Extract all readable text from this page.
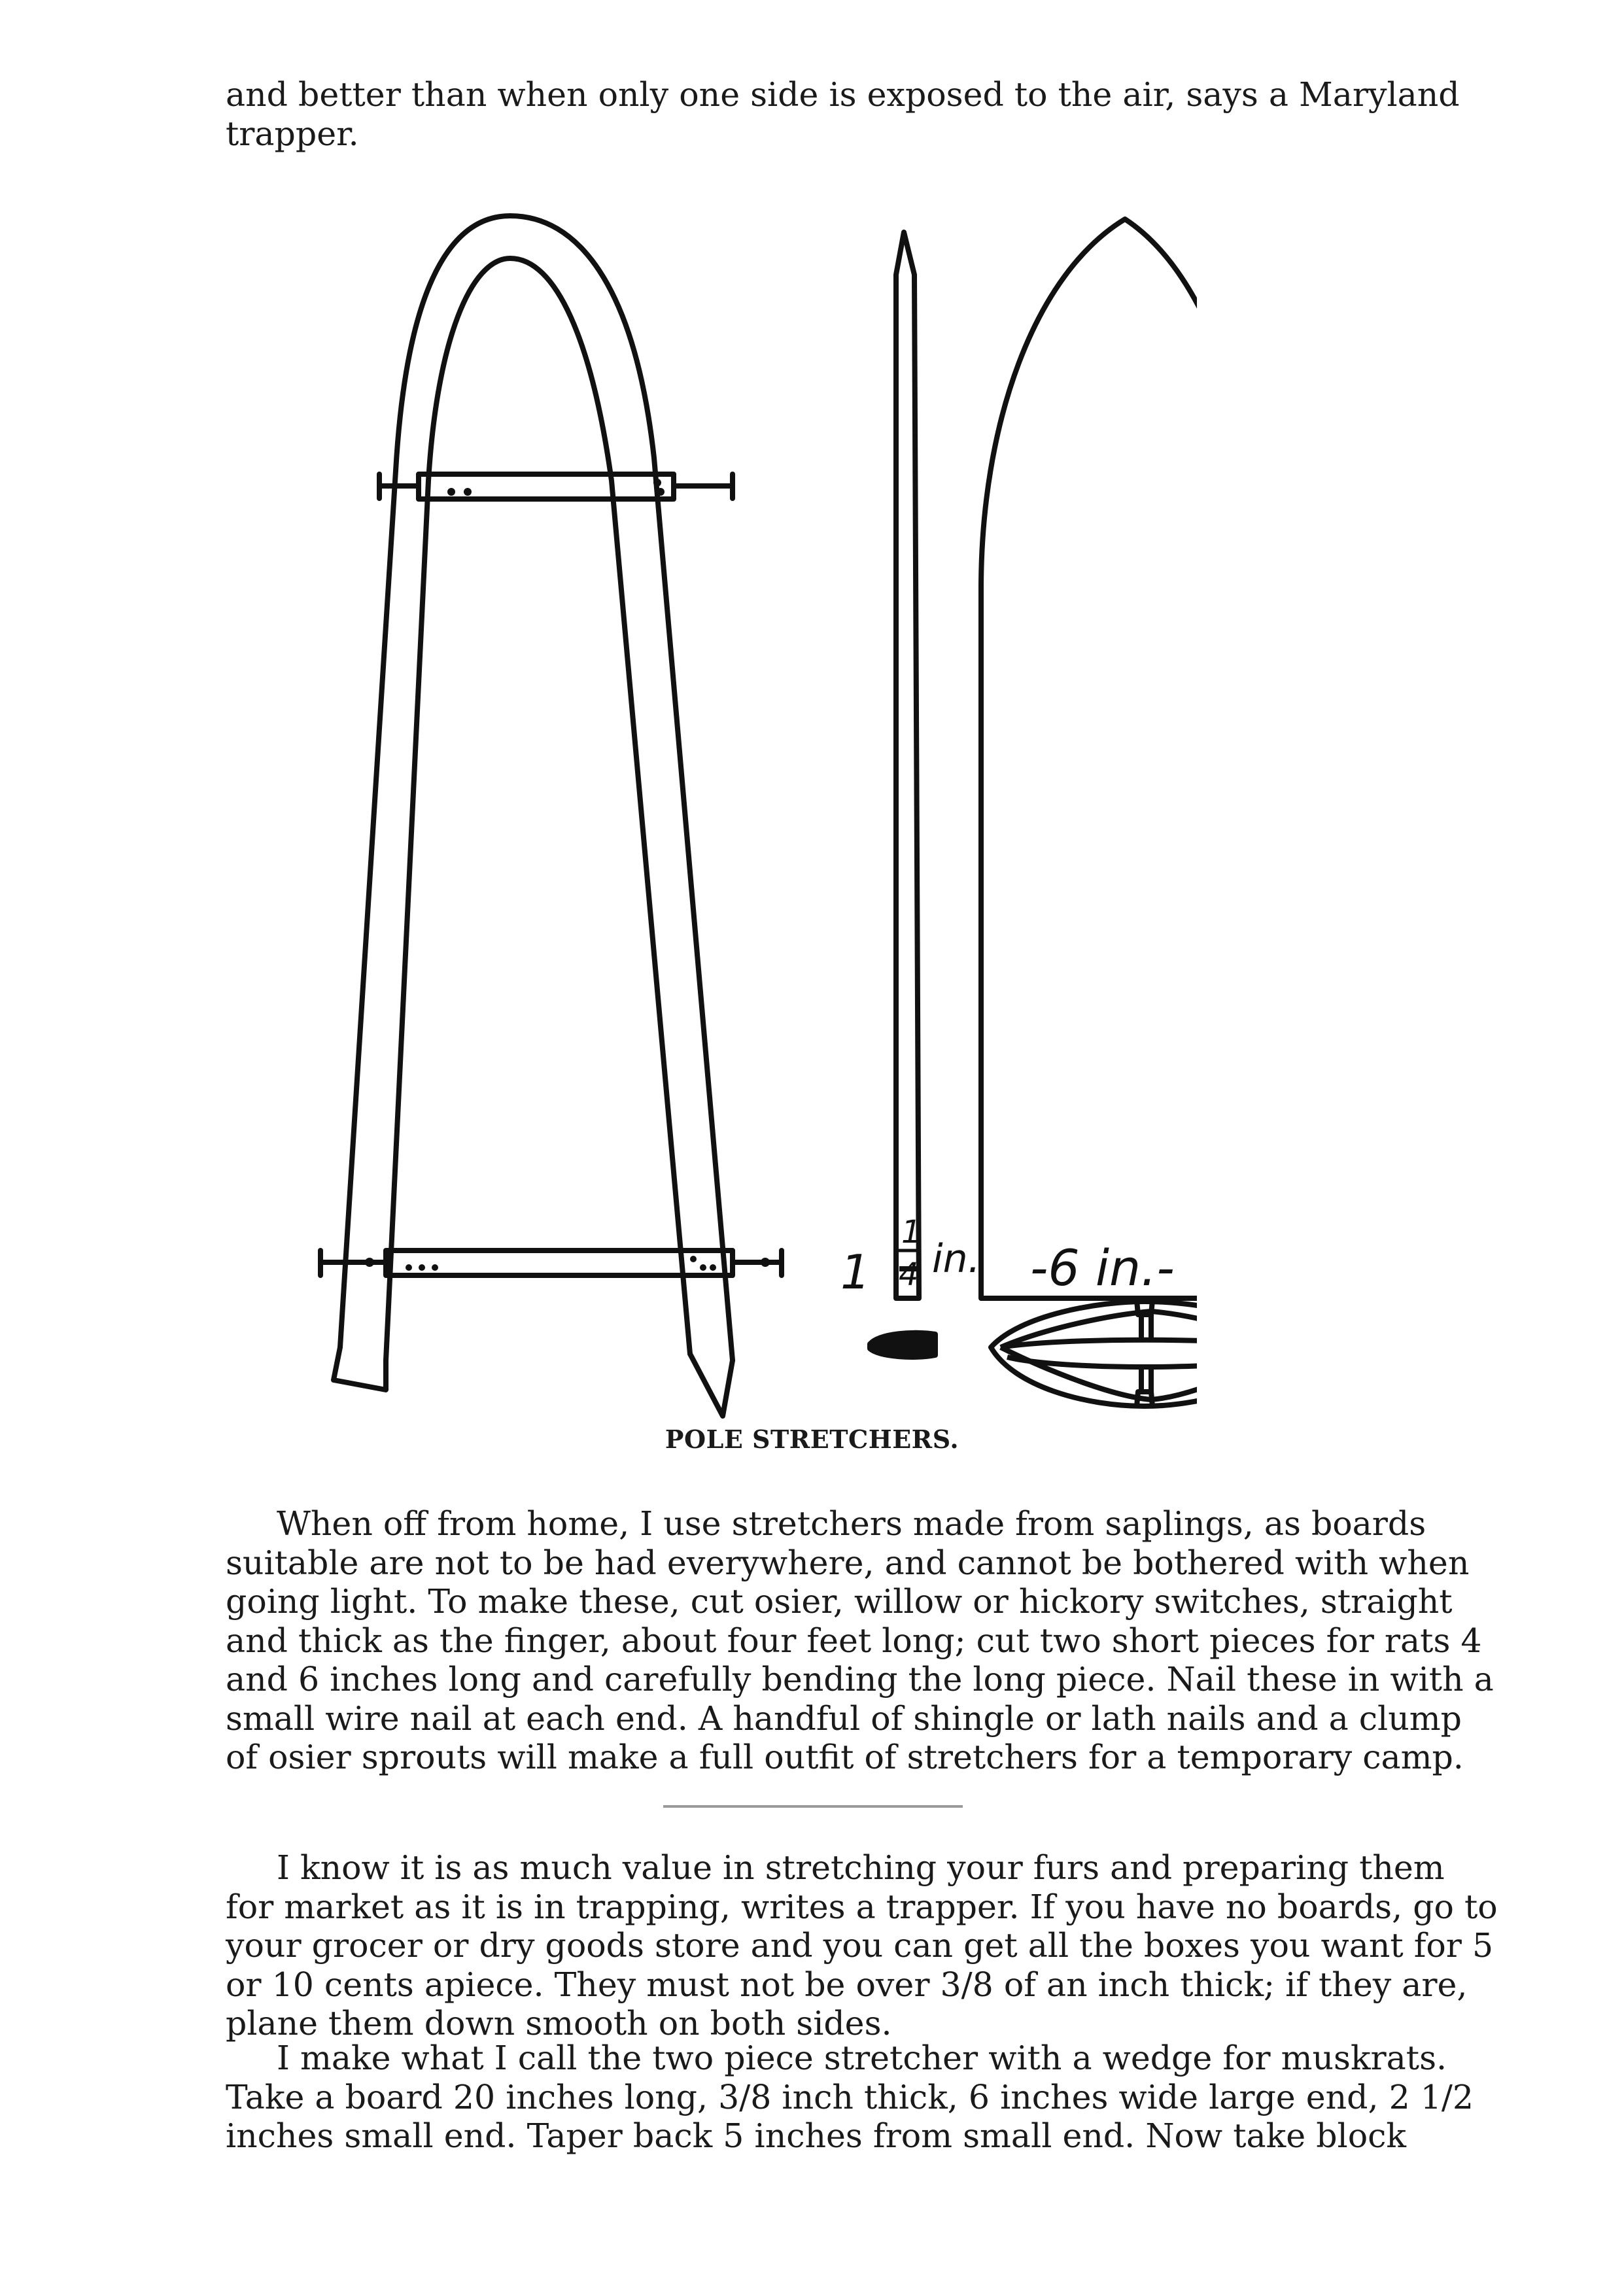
and better than when only one side is exposed to the air, says a Maryland
trapper.
When off from home, I use stretchers made from saplings, as boards
suitable are not to be had everywhere, and cannot be bothered with when
going light. To make these, cut osier, willow or hickory switches, straight
and thick as the finger, about four feet long; cut two short pieces for rats 4
and 6 inches long and carefully bending the long piece. Nail these in with a
small wire nail at each end. A handful of shingle or lath nails and a clump
of osier sprouts will make a full outfit of stretchers for a temporary camp.
I know it is as much value in stretching your furs and preparing them
for market as it is in trapping, writes a trapper. If you have no boards, go to
your grocer or dry goods store and you can get all the boxes you want for 5
or 10 cents apiece. They must not be over 3/8 of an inch thick; if they are,
plane them down smooth on both sides.
I make what I call the two piece stretcher with a wedge for muskrats.
Take a board 20 inches long, 3/8 inch thick, 6 inches wide large end, 2 1/2
inches small end. Taper back 5 inches from small end. Now take block
1
1
4 in. -6 in.-
POLE STRETCHERS.
